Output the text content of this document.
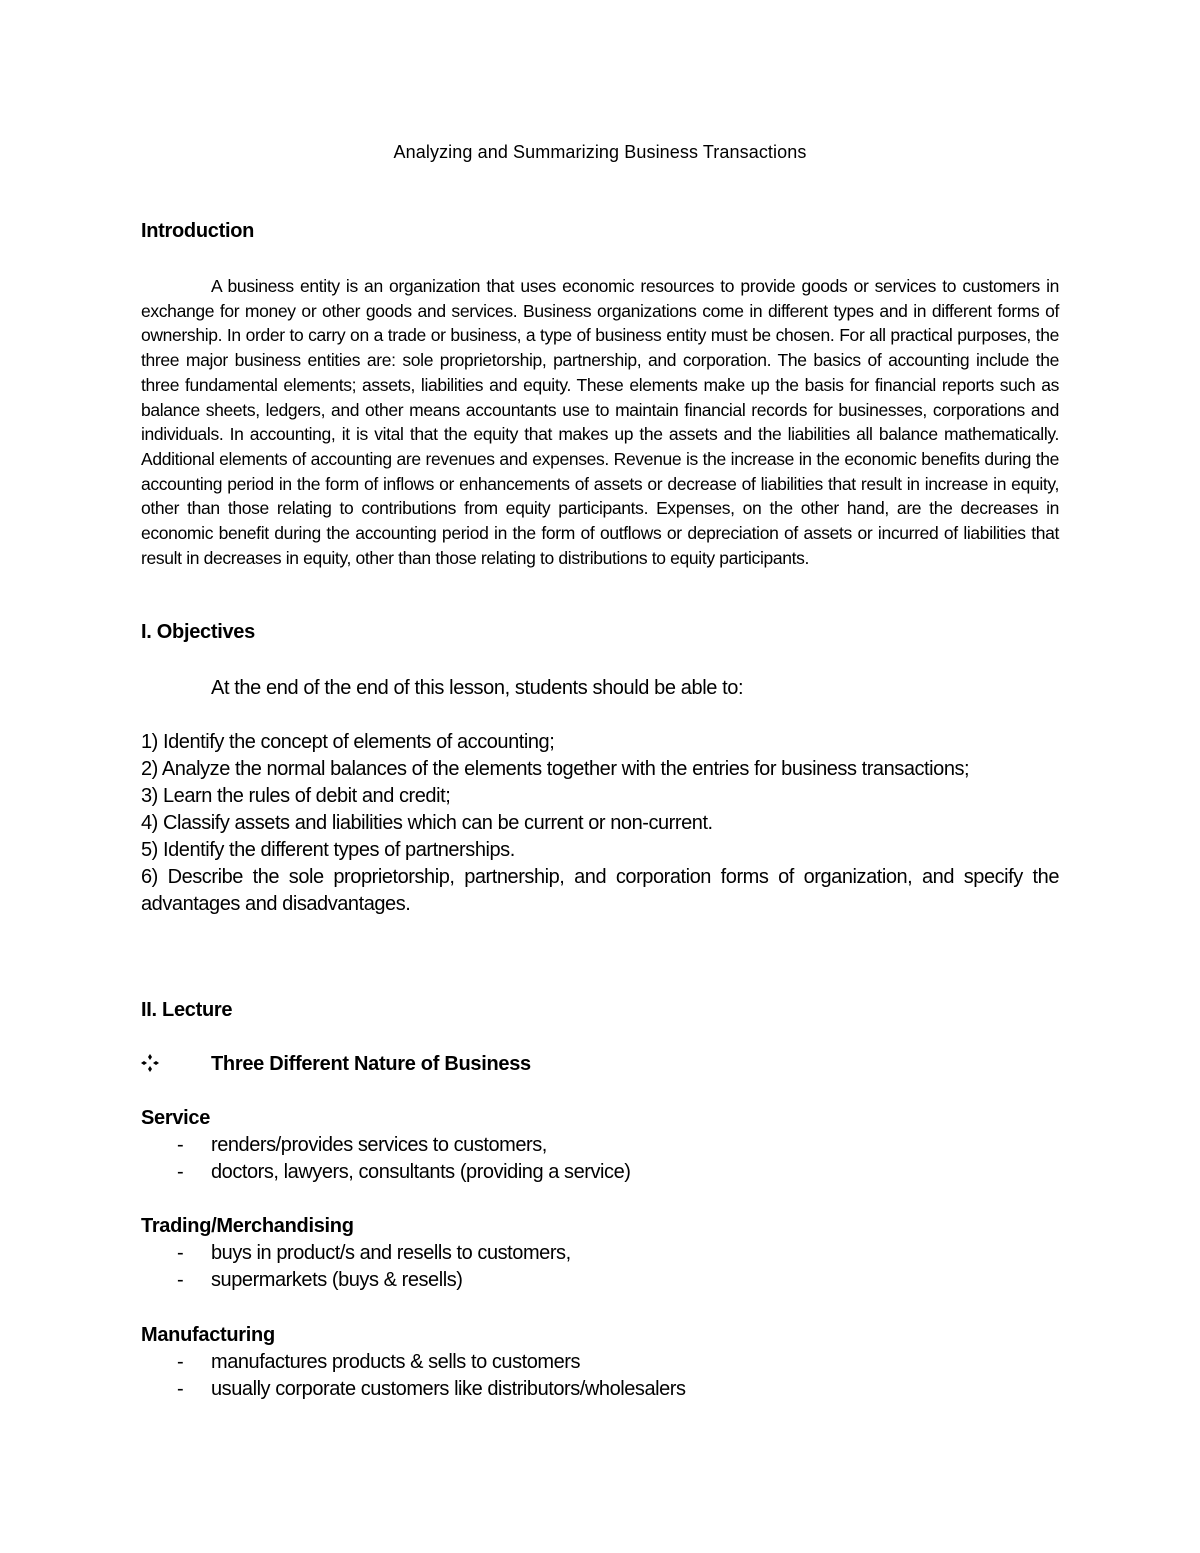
Analyzing and Summarizing Business Transactions
Introduction
A business entity is an organization that uses economic resources to provide goods or services to customers in exchange for money or other goods and services. Business organizations come in different types and in different forms of ownership. In order to carry on a trade or business, a type of business entity must be chosen. For all practical purposes, the three major business entities are: sole proprietorship, partnership, and corporation. The basics of accounting include the three fundamental elements; assets, liabilities and equity. These elements make up the basis for financial reports such as balance sheets, ledgers, and other means accountants use to maintain financial records for businesses, corporations and individuals. In accounting, it is vital that the equity that makes up the assets and the liabilities all balance mathematically. Additional elements of accounting are revenues and expenses. Revenue is the increase in the economic benefits during the accounting period in the form of inflows or enhancements of assets or decrease of liabilities that result in increase in equity, other than those relating to contributions from equity participants. Expenses, on the other hand, are the decreases in economic benefit during the accounting period in the form of outflows or depreciation of assets or incurred of liabilities that result in decreases in equity, other than those relating to distributions to equity participants.
I. Objectives
At the end of the end of this lesson, students should be able to:
1) Identify the concept of elements of accounting;
2) Analyze the normal balances of the elements together with the entries for business transactions;
3) Learn the rules of debit and credit;
4) Classify assets and liabilities which can be current or non-current.
5) Identify the different types of partnerships.
6) Describe the sole proprietorship, partnership, and corporation forms of organization, and specify the advantages and disadvantages.
II. Lecture
Three Different Nature of Business
Service
- renders/provides services to customers,
- doctors, lawyers, consultants (providing a service)
Trading/Merchandising
- buys in product/s and resells to customers,
- supermarkets (buys & resells)
Manufacturing
- manufactures products & sells to customers
- usually corporate customers like distributors/wholesalers
